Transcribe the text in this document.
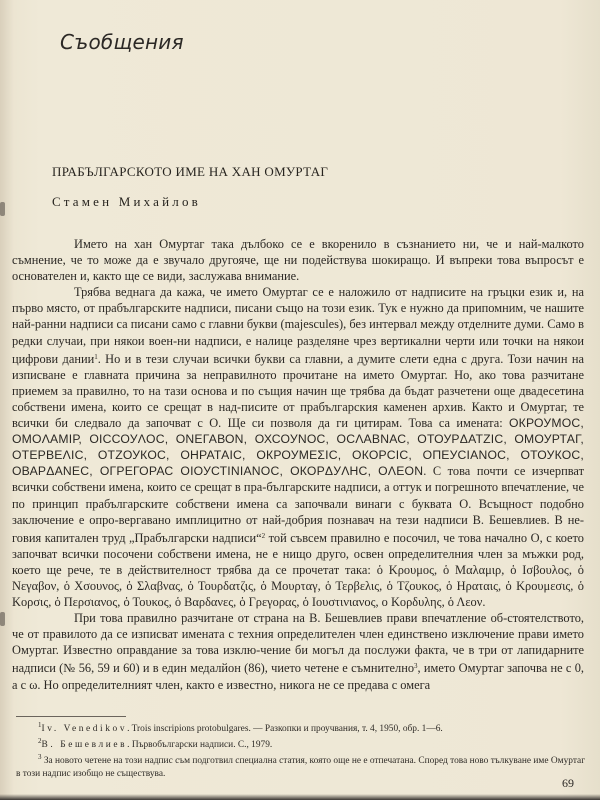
Съобщения
ПРАБЪЛГАРСКОТО ИМЕ НА ХАН ОМУРТАГ
Стамен Михайлов

Името на хан Омуртаг така дълбоко се е вкоренило в съзнанието ни, че и най-малкото съмнение, че то може да е звучало другояче, ще ни подействува шокиращо. И въпреки това въпросът е основателен и, както ще се види, заслужава внимание.

Трябва веднага да кажа, че името Омуртаг се е наложило от надписите на гръцки език и, на първо място, от прабългарските надписи, писани също на този език. Тук е нужно да припомним, че нашите най-ранни надписи са писани само с главни букви (majescules), без интервал между отделните думи. Само в редки случаи, при някои воен-ни надписи, е налице разделяне чрез вертикални черти или точки на някои цифрови дании$^1$. Но и в тези случаи всички букви са главни, а думите слети една с друга. Този начин на изписване е главната причина за неправилното прочитане на името Омуртаг. Но, ако това разчитане приемем за правилно, то на тази основа и по същия начин ще трябва да бъдат разчетени още двадесетина собствени имена, които се срещат в над-писите от прабългарския каменен архив. Както и Омуртаг, те всички би следвало да започват с О. Ще си позволя да ги цитирам. Това са имената: ОКРОУМОС, ОМОΛАМIР, ОІССОУΛОС, ОNЕГАВОN, ОХСОУNОС, ОСΛАВNАС, ОТОУРΔАТZIС, ОМОУРТАГ, ОТЕРВЕΛIС, ОТZОУКОС, ОНРАТАIС, ОКРОУМЕΣIС, ОКОРСIС, ОПЕУСIАNОС, ОТОУКОС, ОВАРΔАNЕС, ОГРЕГОРАС ОIОУСТINIАNОС, ОКОРΔУΛНС, ОΛЕОN. С това почти се изчерпват всички собствени имена, които се срещат в пра-българските надписи, а оттук и погрешното впечатление, че по принцип прабългарските собствени имена са започвали винаги с буквата О. Всъщност подобно заключение е опро-вергавано имплицитно от най-добрия познавач на тези надписи В. Бешевлиев. В не-говия капитален труд „Прабългарски надписи“$^2$ той съвсем правилно е посочил, че това начално О, с което започват всички посочени собствени имена, не е нищо друго, освен определителния член за мъжки род, което ще рече, те в действителност трябва да се прочетат така: ὁ Κρουμος, ὁ Μαλαμιρ, ὁ Ισβουλος, ὁ Νεγαβον, ὁ Χσουνος, ὁ Σλαβνας, ὁ Τουρδατζις, ὁ Μουρταγ, ὁ Τερβελις, ὁ Τζουκος, ὁ Ηραταις, ὁ Κρουμεσις, ὁ Κορσις, ὁ Περσιανος, ὁ Τουκος, ὁ Βαρδανες, ὁ Γρεγορας, ὁ Ιουστινιανος, ο Κορδυλης, ὁ Λεον.

При това правилно разчитане от страна на В. Бешевлиев прави впечатление об-стоятелството, че от правилото да се изписват имената с техния определителен член единствено изключение прави името Омуртаг. Известно оправдание за това изклю-чение би могъл да послужи факта, че в три от лапидарните надписи (№ 56, 59 и 60) и в един медалйон (86), чието четене е съмнително$^3$, името Омуртаг започва не с 0, а с ω. Но определителният член, както е известно, никога не се предава с омега

$^1$Iv. Venedikov. Trois inscripions protobulgares. — Разкопки и проучвания, т. 4, 1950, обр. 1—6.
$^2$В. Бешевлиев. Първобългарски надписи. С., 1979.
$^3$ За новото четене на този надпис съм подготвил специална статия, която още не е отпечатана. Според това ново тълкуване име Омуртаг в този надпис изобщо не съществува.
69
